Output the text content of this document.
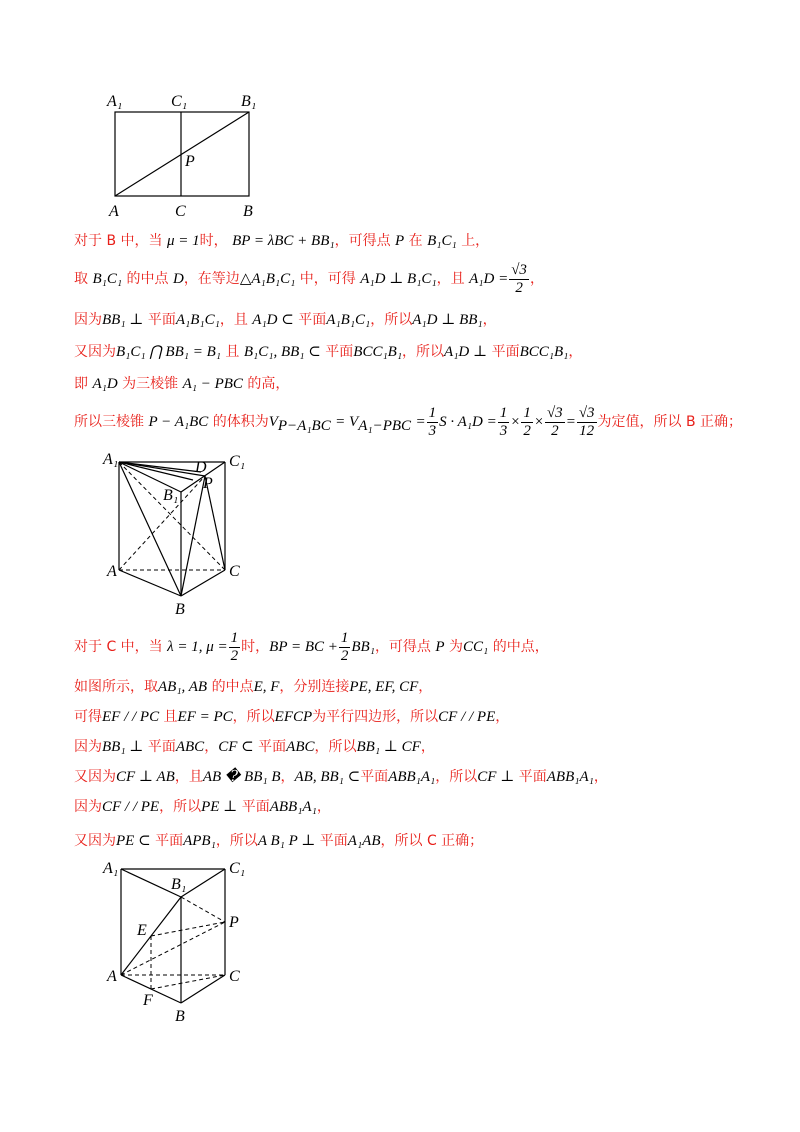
A₁	C₁	B₁
P
A	C	B
对于 B 中，当 μ = 1时， BP = λBC + BB₁，可得点 P 在 B₁C₁ 上，
取 B₁C₁ 的中点 D，在等边△A₁B₁C₁ 中，可得 A₁D ⊥ B₁C₁，且 $A_1D = \frac{√3}{2}$ ，
因为BB₁ ⊥ 平面A₁B₁C₁，且 A₁D ⊂ 平面A₁B₁C₁，所以A₁D ⊥ BB₁，
又因为B₁C₁ ⋂ BB₁ = B₁ 且 B₁C₁, BB₁ ⊂ 平面BCC₁B₁，所以A₁D ⊥ 平面BCC₁B₁，
即 A₁D 为三棱锥 A₁ − PBC 的高，
所以三棱锥 P − A₁BC 的体积为$V_{P-A_1BC} = V_{A_1-PBC} = \frac{1}{3}$ $S \cdot A_1D = \frac{1}{3} \times \frac{1}{2} \times \frac{√3}{2} = \frac{√3}{12}$ 为定值，所以 B 正确；
A₁	C₁
D
P
B₁
A	C
B
对于 C 中，当 λ = 1, $\mu = \frac{1}{2}$ 时，BP = BC + $\frac{1}{2} BB_1$，可得点 P 为CC₁ 的中点，
如图所示，取AB₁, AB 的中点E, F，分别连接PE, EF, CF，
可得EF / / PC 且EF = PC，所以EFCP为平行四边形，所以CF / / PE，
因为BB₁ ⊥ 平面ABC，CF ⊂ 平面ABC，所以BB₁ ⊥ CF，
又因为CF ⊥ AB，且AB � BB₁ B，AB, BB₁ ⊂平面ABB₁A₁，所以CF ⊥ 平面ABB₁A₁，
因为CF / / PE，所以PE ⊥ 平面ABB₁A₁，
又因为PE ⊂ 平面APB₁，所以A B₁ P ⊥ 平面A₁AB，所以 C 正确；
A₁	C₁
B₁
E	P
A	C
F
B
